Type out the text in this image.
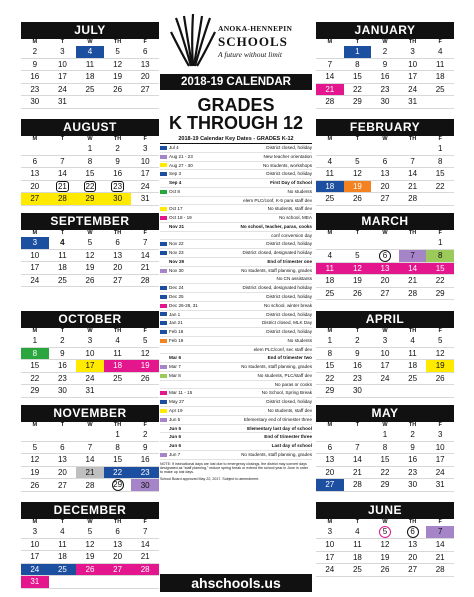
JULY
M	T	W	TH	F
2	3	4	5	6
9	10	11	12	13
16	17	18	19	20
23	24	25	26	27
30	31			
AUGUST
M	T	W	TH	F
		1	2	3
6	7	8	9	10
13	14	15	16	17
20	21	22	23	24
27	28	29	30	31
SEPTEMBER
M	T	W	TH	F
3	4	5	6	7
10	11	12	13	14
17	18	19	20	21
24	25	26	27	28
OCTOBER
M	T	W	TH	F
1	2	3	4	5
8	9	10	11	12
15	16	17	18	19
22	23	24	25	26
29	30	31		
NOVEMBER
M	T	W	TH	F
			1	2
5	6	7	8	9
12	13	14	15	16
19	20	21	22	23
26	27	28	29	30
DECEMBER
M	T	W	TH	F
3	4	5	6	7
10	11	12	13	14
17	18	19	20	21
24	25	26	27	28
31				
JANUARY
M	T	W	TH	F
	1	2	3	4
7	8	9	10	11
14	15	16	17	18
21	22	23	24	25
28	29	30	31	
FEBRUARY
M	T	W	TH	F
				1
4	5	6	7	8
11	12	13	14	15
18	19	20	21	22
25	26	27	28	
MARCH
M	T	W	TH	F
				1
4	5	6	7	8
11	12	13	14	15
18	19	20	21	22
25	26	27	28	29
APRIL
M	T	W	TH	F
1	2	3	4	5
8	9	10	11	12
15	16	17	18	19
22	23	24	25	26
29	30			
MAY
M	T	W	TH	F
		1	2	3
6	7	8	9	10
13	14	15	16	17
20	21	22	23	24
27	28	29	30	31
JUNE
M	T	W	TH	F
3	4	5	6	7
10	11	12	13	14
17	18	19	20	21
24	25	26	27	28
ANOKA-HENNEPIN
SCHOOLS
A future without limit
2018-19 CALENDAR
GRADES
K THROUGH 12
2018-19 Calendar Key Dates - GRADES K-12
Jul 4	District closed, holiday
Aug 21 - 23	New teacher orientation
Aug 27 - 30	No students, workshops
Sep 3	District closed, holiday
Sep 4	First Day of School
Oct 8	No students
elem PLC/conf, K-5 para staff dev
Oct 17	No students, staff dev
Oct 18 - 19	No school, MEA
Nov 21	No school, teacher, paras, cooks
conf conversion day
Nov 22	District closed, holiday
Nov 23	District closed, designated holiday
Nov 29	End of trimester one
Nov 30	No students, staff planning, grades
No CN assistants
Dec 24	District closed, designated holiday
Dec 25	District closed, holiday
Dec 26-28, 31	No school, winter break
Jan 1	District closed, holiday
Jan 21	District closed, MLK Day
Feb 18	District closed, holiday
Feb 19	No students
elem PLC/conf, sec staff dev
Mar 6	End of trimester two
Mar 7	No students, staff planning, grades
Mar 8	No students, PLC/staff dev
No paras or cooks
Mar 11 - 15	No School, Spring Break
May 27	District closed, holiday
Apr 19	No students, staff dev
Jun 5	Elementary end of trimester three
Jun 5	Elementary last day of school
Jun 6	End of trimester three
Jun 6	Last day of school
Jun 7	No students, staff planning, grades
NOTE: If instructional days are lost due to emergency closings, the district may convert days designated as "staff planning," reduce spring break or extend the school year in June in order to make up lost days.
School Board approved May 22, 2017. Subject to amendment.
ahschools.us
